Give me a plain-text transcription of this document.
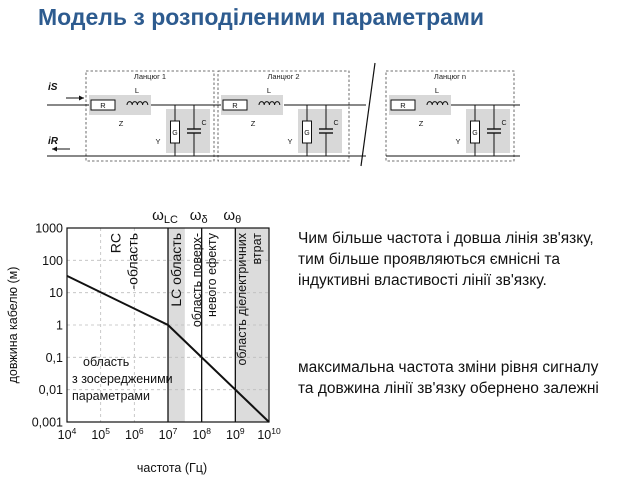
Модель з розподіленими параметрами
Ланцюг 1	Ланцюг 2	Ланцюг n
iS
iR
R
L
Z
G
C
Y
R
L
Z
G
C
Y
R
L
Z
G
C
Y
1000
100
10
1
0,1
0,01
0,001
$10^4$ $10^5$ $10^6$ $10^7$ $10^8$ $10^9$ $10^{10}$
частота (Гц)
довжина кабелю (м)
$\omega_{LC}$ $\omega_\delta$ $\omega_\theta$
RC -область LC область область поверх- невого ефекту область діелектричних втрат
область
з зосередженими
параметрами

Чим більше частота і довша лінія зв'язку, тим більше проявляються ємнісні та індуктивні властивості лінії зв'язку.

максимальна частота зміни рівня сигналу та довжина лінії зв'язку обернено залежні
